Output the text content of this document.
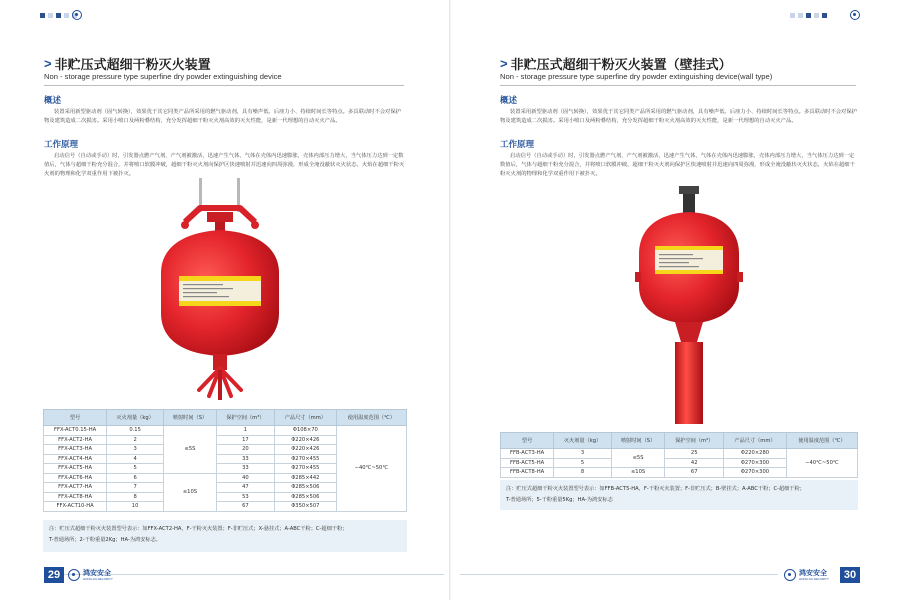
> 非贮压式超细干粉灭火装置
Non - storage pressure type superfine dry powder extinguishing device
概述
装置采用新型驱动剂（固气转换），效果优于其它同类产品所采用的燃气驱动剂，具有噪声低、后座力小、持续时间长等特点。多具联动时不会对保护物及建筑造成二次损害。采用小喷口及两粉叠结构，充分发挥超细干粉灭火剂高效的灭火性能，是新一代理想的自动灭火产品。
工作原理
启动信号（自动或手动）时，引发器点燃产气剂，产气剂被激活，迅速产生气体，气体在壳体内迅速膨胀，壳体内部压力增大，当气体压力达到一定数值后，气体与超细干粉充分混合，并将喷口软膜冲破，超细干粉灭火剂向保护区快速喷射并迅速向四周弥漫，形成全淹没蔽状灭火状态，火焰在超细干粉灭火剂的物理和化学双重作用下被扑灭。
型号	灭火剂量（kg）	喷射时间（S）	保护空间（m³）	产品尺寸（mm）	使用温度范围（℃）
FFX-ACT0.15-HA	0.15	≤5S	1	Φ108×70	−40℃~50℃
FFX-ACT2-HA	2		17	Φ220×426	
FFX-ACT3-HA	3		20	Φ220×426	
FFX-ACT4-HA	4		33	Φ270×455	
FFX-ACT5-HA	5		33	Φ270×455	
FFX-ACT6-HA	6	≤10S	40	Φ285×442	
FFX-ACT7-HA	7		47	Φ285×506	
FFX-ACT8-HA	8		53	Φ285×506	
FFX-ACT10-HA	10		67	Φ350×507	
注：贮压式超细干粉灭火装置型号表示：如FFX-ACT2-HA，F-干粉灭火装置；F-非贮压式；X-悬挂式；A-ABC干粉；C-超细干粉；
T-普通场所；2-干粉重量2Kg；HA-为鸿安标志。
29	鸿安安全
HONG AN SECURITY
> 非贮压式超细干粉灭火装置（壁挂式）
Non - storage pressure type superfine dry powder extinguishing device(wall type)
概述
装置采用新型驱动剂（固气转换），效果优于其它同类产品所采用的燃气驱动剂，具有噪声低、后座力小、持续时间长等特点。多具联动时不会对保护物及建筑造成二次损害。采用小喷口及两粉叠结构，充分发挥超细干粉灭火剂高效的灭火性能，是新一代理想的自动灭火产品。
工作原理
启动信号（自动或手动）时，引发器点燃产气剂，产气剂被激活，迅速产生气体，气体在壳体内迅速膨胀，壳体内部压力增大，当气体压力达到一定数值后，气体与超细干粉充分混合，并将喷口软膜冲破，超细干粉灭火剂向保护区快速喷射并迅速向四周弥漫，形成全淹没蔽状灭火状态，火焰在超细干粉灭火剂的物理和化学双重作用下被扑灭。
型号	灭火剂量（kg）	喷射时间（S）	保护空间（m³）	产品尺寸（mm）	使用温度范围（℃）
FFB-ACT3-HA	3	≤5S	25	Φ220×280	−40℃~50℃
FFB-ACT5-HA	5		42	Φ270×300	
FFB-ACT8-HA	8	≤10S	67	Φ270×300	
注：贮压式超细干粉灭火装置型号表示：如FFB-ACT5-HA，F-干粉灭火装置；F-非贮压式；B-壁挂式；A-ABC干粉；C-超细干粉；
T-普通场所；5-干粉重量5Kg；HA-为鸿安标志
鸿安安全
HONG AN SECURITY	30
